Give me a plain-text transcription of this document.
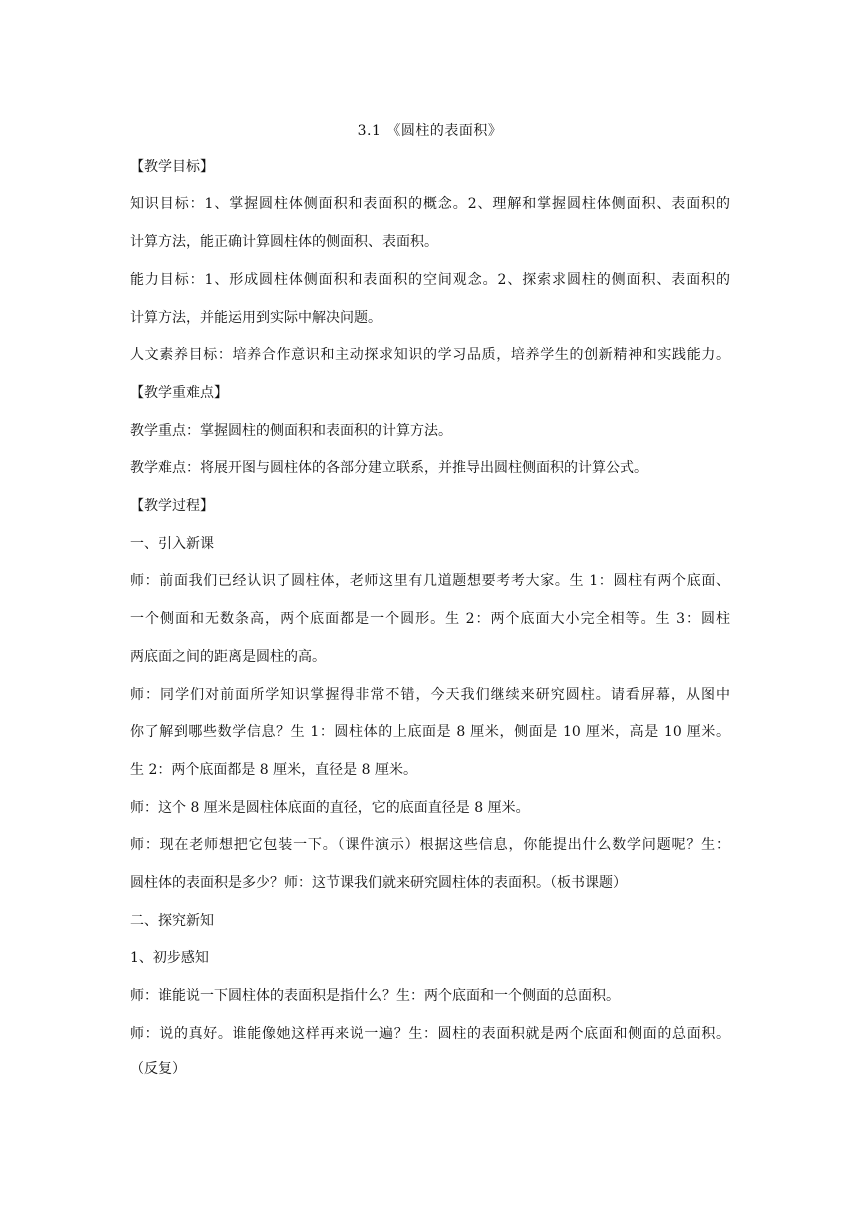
3.1 《圆柱的表面积》
【教学目标】
知识目标：1、掌握圆柱体侧面积和表面积的概念。2、理解和掌握圆柱体侧面积、表面积的
计算方法，能正确计算圆柱体的侧面积、表面积。
能力目标：1、形成圆柱体侧面积和表面积的空间观念。2、探索求圆柱的侧面积、表面积的
计算方法，并能运用到实际中解决问题。
人文素养目标：培养合作意识和主动探求知识的学习品质，培养学生的创新精神和实践能力。
【教学重难点】
教学重点：掌握圆柱的侧面积和表面积的计算方法。
教学难点：将展开图与圆柱体的各部分建立联系，并推导出圆柱侧面积的计算公式。
【教学过程】
一、引入新课
师：前面我们已经认识了圆柱体，老师这里有几道题想要考考大家。生 1：圆柱有两个底面、
一个侧面和无数条高，两个底面都是一个圆形。生 2：两个底面大小完全相等。生 3：圆柱
两底面之间的距离是圆柱的高。
师：同学们对前面所学知识掌握得非常不错，今天我们继续来研究圆柱。请看屏幕，从图中
你了解到哪些数学信息？生 1：圆柱体的上底面是 8 厘米，侧面是 10 厘米，高是 10 厘米。
生 2：两个底面都是 8 厘米，直径是 8 厘米。
师：这个 8 厘米是圆柱体底面的直径，它的底面直径是 8 厘米。
师：现在老师想把它包装一下。（课件演示）根据这些信息，你能提出什么数学问题呢？生：
圆柱体的表面积是多少？师：这节课我们就来研究圆柱体的表面积。（板书课题）
二、探究新知
1、初步感知
师：谁能说一下圆柱体的表面积是指什么？生：两个底面和一个侧面的总面积。
师：说的真好。谁能像她这样再来说一遍？生：圆柱的表面积就是两个底面和侧面的总面积。
（反复）
